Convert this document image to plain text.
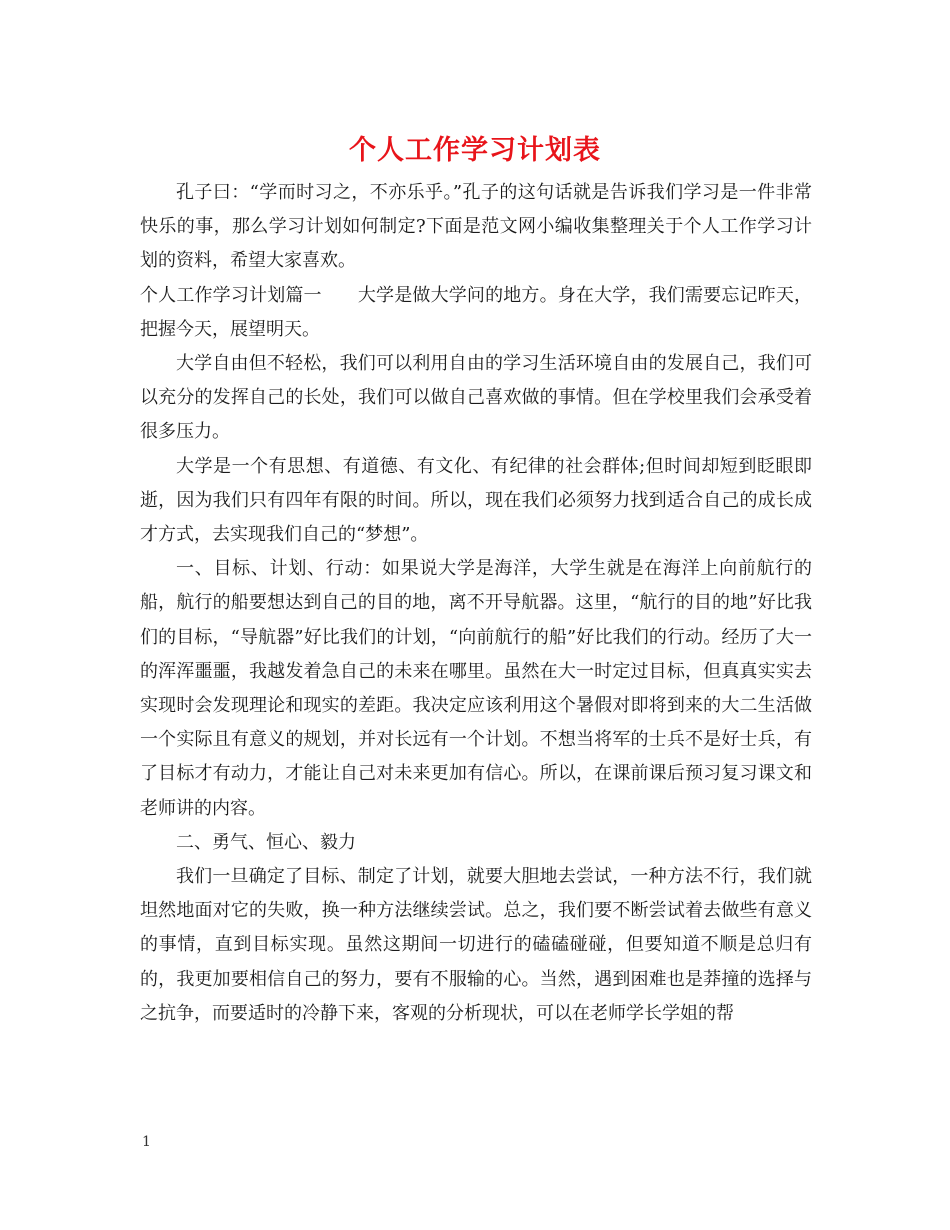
个人工作学习计划表

孔子曰：“学而时习之，不亦乐乎。”孔子的这句话就是告诉我们学习是一件非常快乐的事，那么学习计划如何制定?下面是范文网小编收集整理关于个人工作学习计划的资料，希望大家喜欢。

个人工作学习计划篇一 大学是做大学问的地方。身在大学，我们需要忘记昨天，把握今天，展望明天。

大学自由但不轻松，我们可以利用自由的学习生活环境自由的发展自己，我们可以充分的发挥自己的长处，我们可以做自己喜欢做的事情。但在学校里我们会承受着很多压力。

大学是一个有思想、有道德、有文化、有纪律的社会群体;但时间却短到眨眼即逝，因为我们只有四年有限的时间。所以，现在我们必须努力找到适合自己的成长成才方式，去实现我们自己的“梦想”。

一、目标、计划、行动：如果说大学是海洋，大学生就是在海洋上向前航行的船，航行的船要想达到自己的目的地，离不开导航器。这里，“航行的目的地”好比我们的目标，“导航器”好比我们的计划，“向前航行的船”好比我们的行动。经历了大一的浑浑噩噩，我越发着急自己的未来在哪里。虽然在大一时定过目标，但真真实实去实现时会发现理论和现实的差距。我决定应该利用这个暑假对即将到来的大二生活做一个实际且有意义的规划，并对长远有一个计划。不想当将军的士兵不是好士兵，有了目标才有动力，才能让自己对未来更加有信心。所以，在课前课后预习复习课文和老师讲的内容。

二、勇气、恒心、毅力

我们一旦确定了目标、制定了计划，就要大胆地去尝试，一种方法不行，我们就坦然地面对它的失败，换一种方法继续尝试。总之，我们要不断尝试着去做些有意义的事情，直到目标实现。虽然这期间一切进行的磕磕碰碰，但要知道不顺是总归有的，我更加要相信自己的努力，要有不服输的心。当然，遇到困难也是莽撞的选择与之抗争，而要适时的冷静下来，客观的分析现状，可以在老师学长学姐的帮

1
